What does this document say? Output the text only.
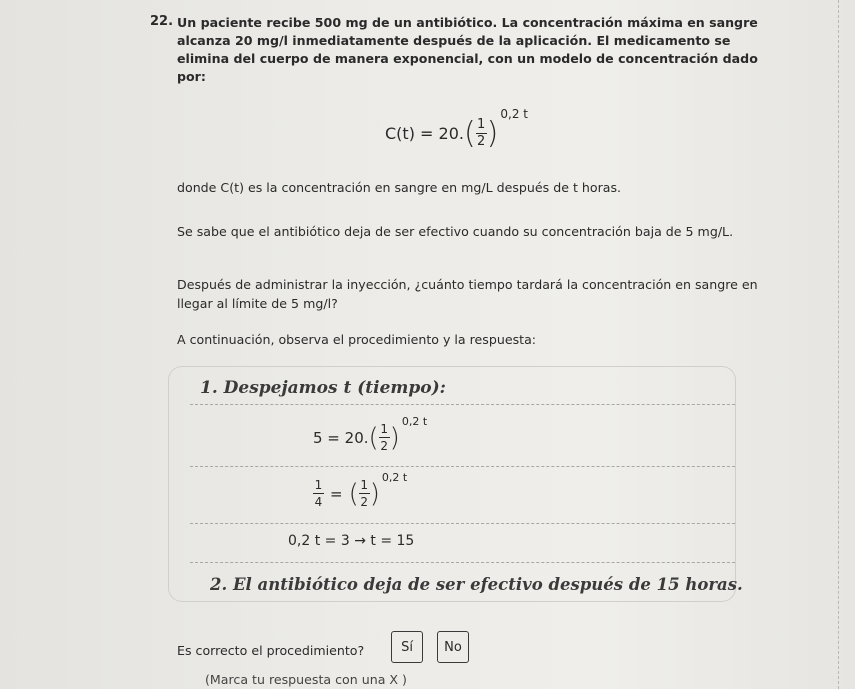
22. Un paciente recibe 500 mg de un antibiótico. La concentración máxima en sangre alcanza 20 mg/l inmediatamente después de la aplicación. El medicamento se elimina del cuerpo de manera exponencial, con un modelo de concentración dado por:
C(t) = 20. ( $\frac{1}{2}$ )
0,2 t
donde C(t) es la concentración en sangre en mg/L después de t horas.
Se sabe que el antibiótico deja de ser efectivo cuando su concentración baja de 5 mg/L.
Después de administrar la inyección, ¿cuánto tiempo tardará la concentración en sangre en llegar al límite de 5 mg/l?
A continuación, observa el procedimiento y la respuesta:
1. Despejamos t (tiempo):
5 = 20. ( $\frac{1}{2}$ )
0,2 t
$\frac{1}{4}$ = ( $\frac{1}{2}$ )
0,2 t
0,2 t = 3 → t = 15
2. El antibiótico deja de ser efectivo después de 15 horas.
Es correcto el procedimiento?	Sí	No
(Marca tu respuesta con una X )
